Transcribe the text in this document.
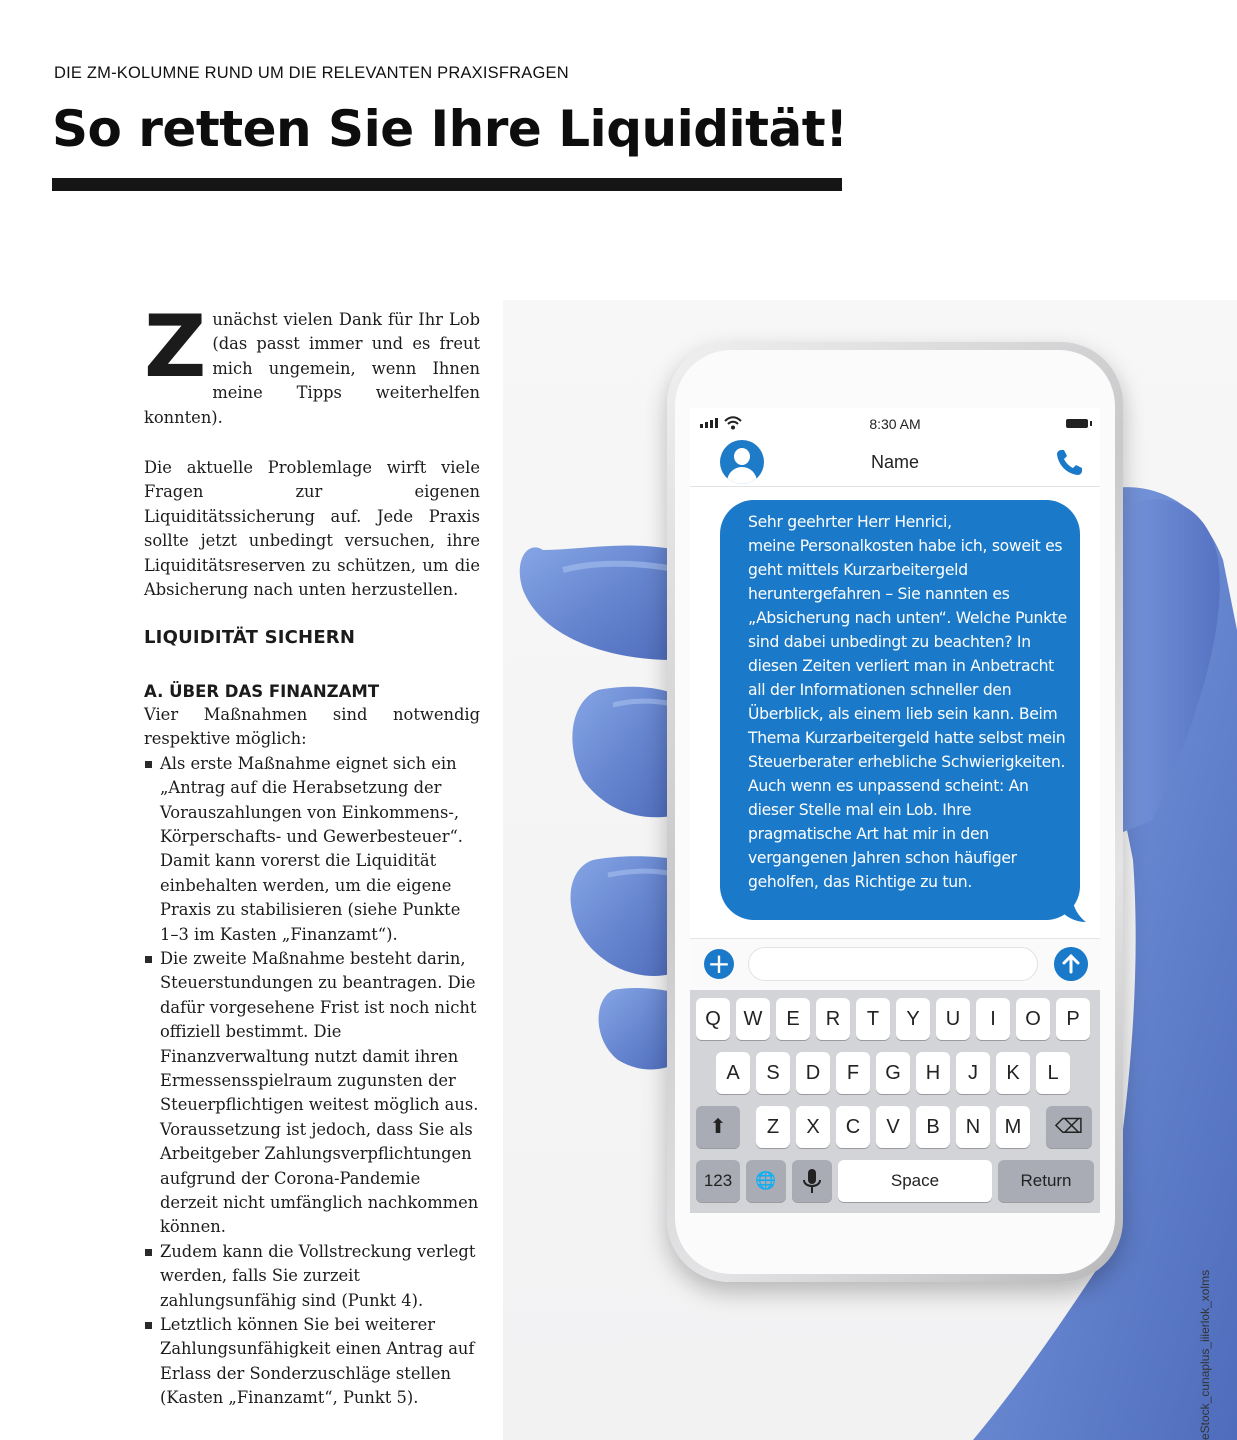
DIE ZM-KOLUMNE RUND UM DIE RELEVANTEN PRAXISFRAGEN
So retten Sie Ihre Liquidität!

Zunächst vielen Dank für Ihr Lob (das passt immer und es freut mich ungemein, wenn Ihnen meine Tipps weiterhelfen konnten).

Die aktuelle Problemlage wirft viele Fragen zur eigenen Liquiditätssicherung auf. Jede Praxis sollte jetzt unbedingt versuchen, ihre Liquiditätsreserven zu schützen, um die Absicherung nach unten herzustellen.

LIQUIDITÄT SICHERN
A. ÜBER DAS FINANZAMT

Vier Maßnahmen sind notwendig respektive möglich:

Als erste Maßnahme eignet sich ein „Antrag auf die Herabsetzung der Vorauszahlungen von Einkommens-, Körperschafts- und Gewerbesteuer“. Damit kann vorerst die Liquidität einbehalten werden, um die eigene Praxis zu stabilisieren (siehe Punkte 1–3 im Kasten „Finanzamt“).
Die zweite Maßnahme besteht darin, Steuerstundungen zu beantragen. Die dafür vorgesehene Frist ist noch nicht offiziell bestimmt. Die Finanzverwaltung nutzt damit ihren Ermessensspielraum zugunsten der Steuerpflichtigen weitest möglich aus. Voraussetzung ist jedoch, dass Sie als Arbeitgeber Zahlungsverpflichtungen aufgrund der Corona-Pandemie derzeit nicht umfänglich nachkommen können.
Zudem kann die Vollstreckung verlegt werden, falls Sie zurzeit zahlungsunfähig sind (Punkt 4).
Letztlich können Sie bei weiterer Zahlungsunfähigkeit einen Antrag auf Erlass der Sonderzuschläge stellen (Kasten „Finanzamt“, Punkt 5).
8:30 AM
Name
Sehr geehrter Herr Henrici,
meine Personalkosten habe ich, soweit es geht mittels Kurzarbeitergeld heruntergefahren – Sie nannten es „Absicherung nach unten“. Welche Punkte sind dabei unbedingt zu beachten? In diesen Zeiten verliert man in Anbetracht all der Informationen schneller den Überblick, als einem lieb sein kann. Beim Thema Kurzarbeitergeld hatte selbst mein Steuerberater erhebliche Schwierigkeiten. Auch wenn es unpassend scheint: An dieser Stelle mal ein Lob. Ihre pragmatische Art hat mir in den vergangenen Jahren schon häufiger geholfen, das Richtige zu tun.
+
Q	W	E	R	T	Y	U	I	O	P
A	S	D	F	G	H	J	K	L
⬆	Z	X	C	V	B	N	M	⌫
123	🌐	Space	Return
eStock_cunaplus_iiierlok_xolms
